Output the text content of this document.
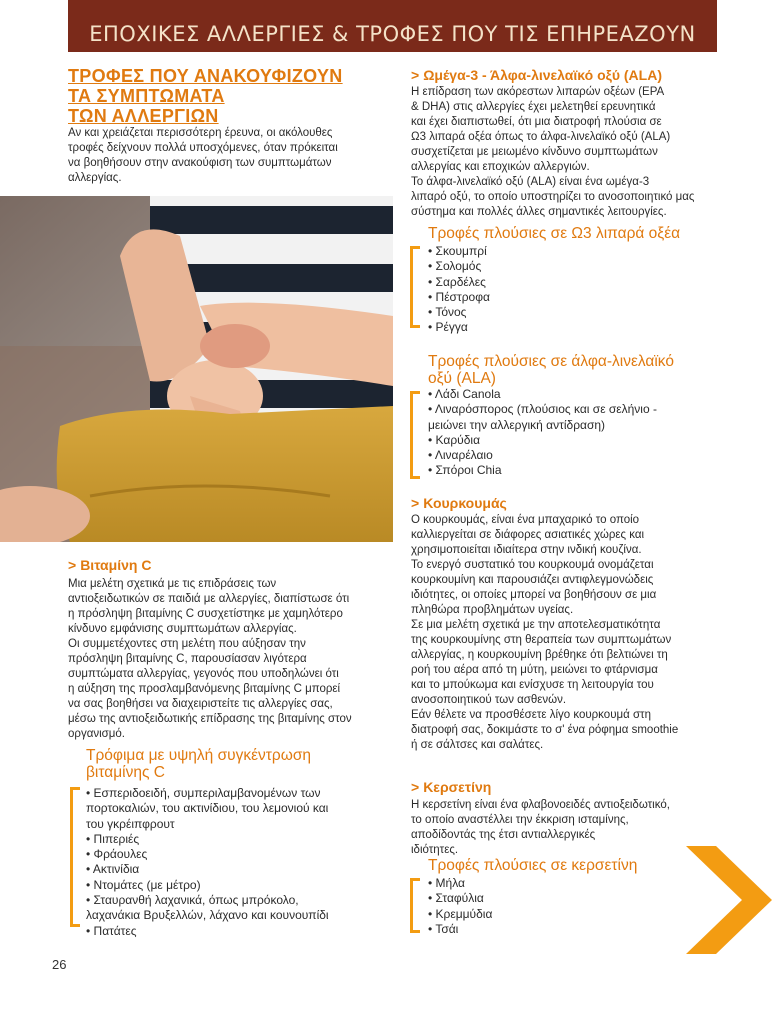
ΕΠΟΧΙΚΕΣ ΑΛΛΕΡΓΙΕΣ & ΤΡΟΦΕΣ ΠΟΥ ΤΙΣ ΕΠΗΡΕΑΖΟΥΝ
ΤΡΟΦΕΣ ΠΟΥ ΑΝΑΚΟΥΦΙΖΟΥΝ
ΤΑ ΣΥΜΠΤΩΜΑΤΑ
ΤΩΝ ΑΛΛΕΡΓΙΩΝ
Αν και χρειάζεται περισσότερη έρευνα, οι ακόλουθες
τροφές δείχνουν πολλά υποσχόμενες, όταν πρόκειται
να βοηθήσουν στην ανακούφιση των συμπτωμάτων
αλλεργίας.
> Βιταμίνη C
Μια μελέτη σχετικά με τις επιδράσεις των
αντιοξειδωτικών σε παιδιά με αλλεργίες, διαπίστωσε ότι
η πρόσληψη βιταμίνης C συσχετίστηκε με χαμηλότερο
κίνδυνο εμφάνισης συμπτωμάτων αλλεργίας.
Οι συμμετέχοντες στη μελέτη που αύξησαν την
πρόσληψη βιταμίνης C, παρουσίασαν λιγότερα
συμπτώματα αλλεργίας, γεγονός που υποδηλώνει ότι
η αύξηση της προσλαμβανόμενης βιταμίνης C μπορεί
να σας βοηθήσει να διαχειριστείτε τις αλλεργίες σας,
μέσω της αντιοξειδωτικής επίδρασης της βιταμίνης στον
οργανισμό.
Τρόφιμα με υψηλή συγκέντρωση
βιταμίνης C
• Εσπεριδοειδή, συμπεριλαμβανομένων των
πορτοκαλιών, του ακτινίδιου, του λεμονιού και
του γκρέιπφρουτ
• Πιπεριές
• Φράουλες
• Ακτινίδια
• Ντομάτες (με μέτρο)
• Σταυρανθή λαχανικά, όπως μπρόκολο,
λαχανάκια Βρυξελλών, λάχανο και κουνουπίδι
• Πατάτες
> Ωμέγα-3 - Άλφα-λινελαϊκό οξύ (ALA)
Η επίδραση των ακόρεστων λιπαρών οξέων (EPA
& DHA) στις αλλεργίες έχει μελετηθεί ερευνητικά
και έχει διαπιστωθεί, ότι μια διατροφή πλούσια σε
Ω3 λιπαρά οξέα όπως το άλφα-λινελαϊκό οξύ (ALA)
συσχετίζεται με μειωμένο κίνδυνο συμπτωμάτων
αλλεργίας και εποχικών αλλεργιών.
Το άλφα-λινελαϊκό οξύ (ALA) είναι ένα ωμέγα-3
λιπαρό οξύ, το οποίο υποστηρίζει το ανοσοποιητικό μας
σύστημα και πολλές άλλες σημαντικές λειτουργίες.
Τροφές πλούσιες σε Ω3 λιπαρά οξέα
• Σκουμπρί
• Σολομός
• Σαρδέλες
• Πέστροφα
• Τόνος
• Ρέγγα
Τροφές πλούσιες σε άλφα-λινελαϊκό
οξύ (ALA)
• Λάδι Canola
• Λιναρόσπορος (πλούσιος και σε σελήνιο -
μειώνει την αλλεργική αντίδραση)
• Καρύδια
• Λιναρέλαιο
• Σπόροι Chia
> Κουρκουμάς
Ο κουρκουμάς, είναι ένα μπαχαρικό το οποίο
καλλιεργείται σε διάφορες ασιατικές χώρες και
χρησιμοποιείται ιδιαίτερα στην ινδική κουζίνα.
Το ενεργό συστατικό του κουρκουμά ονομάζεται
κουρκουμίνη και παρουσιάζει αντιφλεγμονώδεις
ιδιότητες, οι οποίες μπορεί να βοηθήσουν σε μια
πληθώρα προβλημάτων υγείας.
Σε μια μελέτη σχετικά με την αποτελεσματικότητα
της κουρκουμίνης στη θεραπεία των συμπτωμάτων
αλλεργίας, η κουρκουμίνη βρέθηκε ότι βελτιώνει τη
ροή του αέρα από τη μύτη, μειώνει το φτάρνισμα
και το μπούκωμα και ενίσχυσε τη λειτουργία του
ανοσοποιητικού των ασθενών.
Εάν θέλετε να προσθέσετε λίγο κουρκουμά στη
διατροφή σας, δοκιμάστε το σ' ένα ρόφημα smoothie
ή σε σάλτσες και σαλάτες.
> Κερσετίνη
Η κερσετίνη είναι ένα φλαβονοειδές αντιοξειδωτικό,
το οποίο αναστέλλει την έκκριση ισταμίνης,
αποδίδοντάς της έτσι αντιαλλεργικές
ιδιότητες.
Τροφές πλούσιες σε κερσετίνη
• Μήλα
• Σταφύλια
• Κρεμμύδια
• Τσάι
26
